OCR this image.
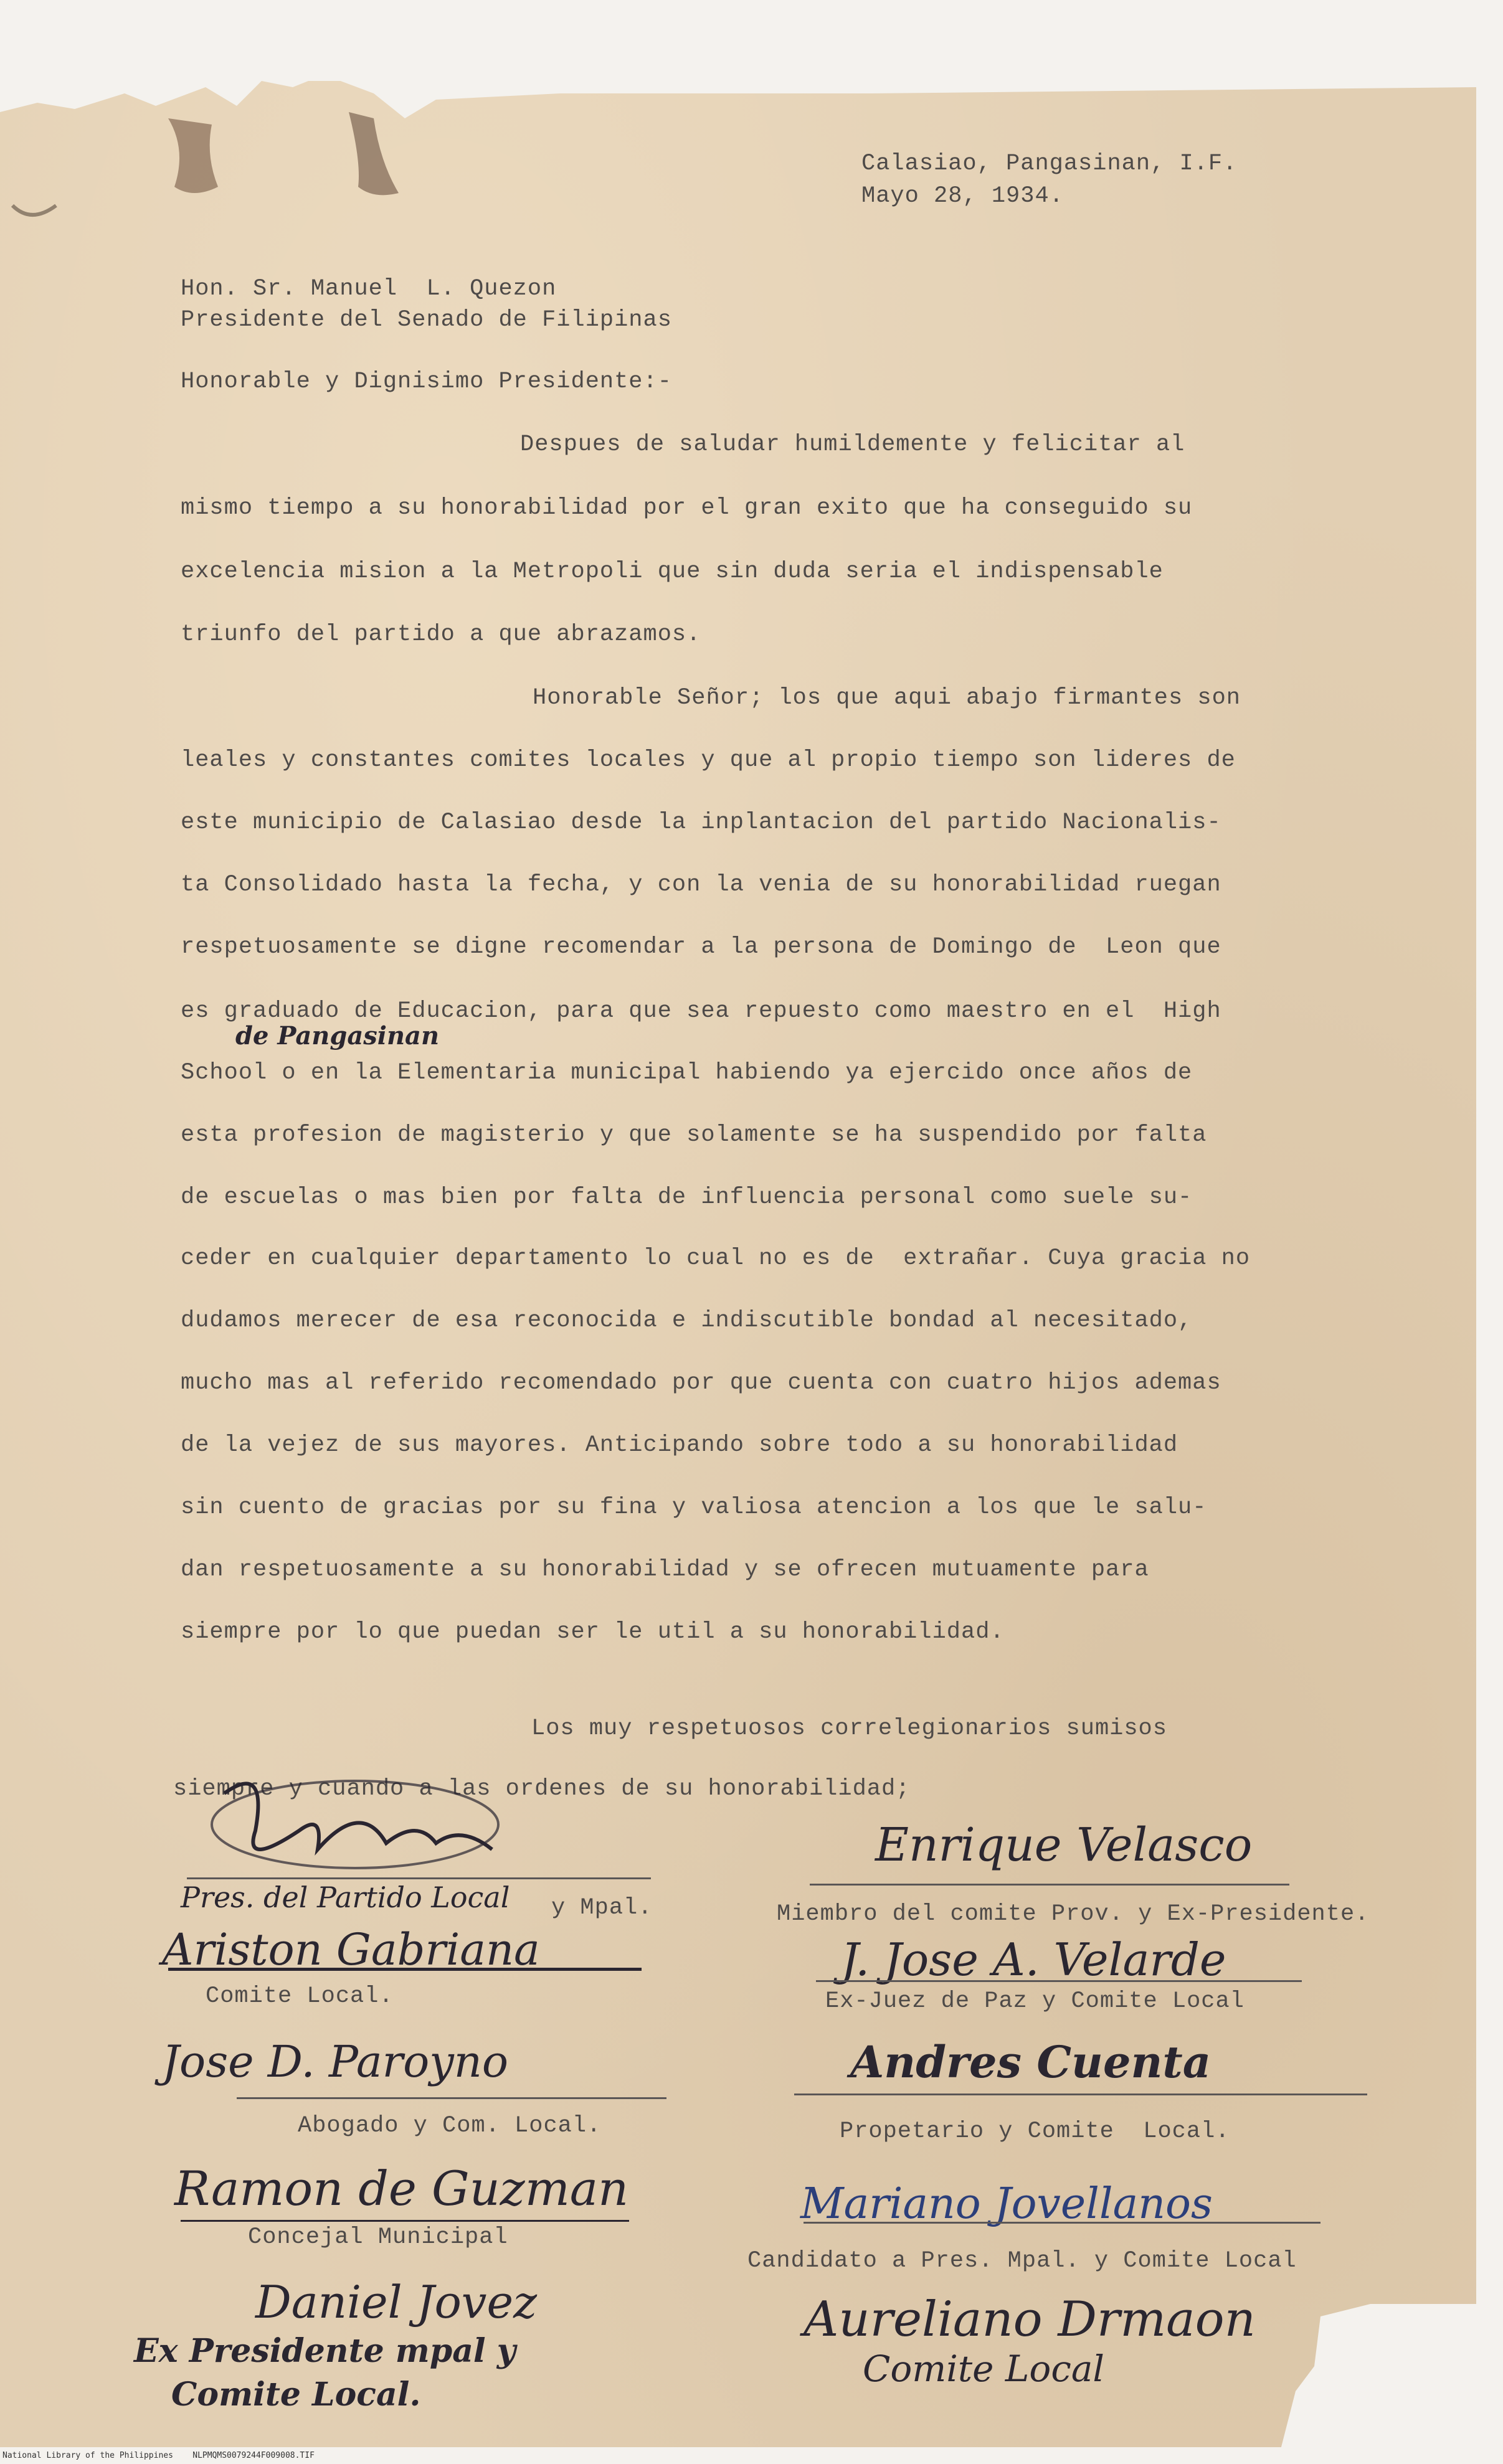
Calasiao, Pangasinan, I.F.
Mayo 28, 1934.
Hon. Sr. Manuel  L. Quezon
Presidente del Senado de Filipinas
Honorable y Dignisimo Presidente:-
Despues de saludar humildemente y felicitar al
mismo tiempo a su honorabilidad por el gran exito que ha conseguido su
excelencia mision a la Metropoli que sin duda seria el indispensable
triunfo del partido a que abrazamos.
Honorable Señor; los que aqui abajo firmantes son
leales y constantes comites locales y que al propio tiempo son lideres de
este municipio de Calasiao desde la inplantacion del partido Nacionalis-
ta Consolidado hasta la fecha, y con la venia de su honorabilidad ruegan
respetuosamente se digne recomendar a la persona de Domingo de  Leon que
es graduado de Educacion, para que sea repuesto como maestro en el  High
de Pangasinan
School o en la Elementaria municipal habiendo ya ejercido once años de
esta profesion de magisterio y que solamente se ha suspendido por falta
de escuelas o mas bien por falta de influencia personal como suele su-
ceder en cualquier departamento lo cual no es de  extrañar. Cuya gracia no
dudamos merecer de esa reconocida e indiscutible bondad al necesitado,
mucho mas al referido recomendado por que cuenta con cuatro hijos ademas
de la vejez de sus mayores. Anticipando sobre todo a su honorabilidad
sin cuento de gracias por su fina y valiosa atencion a los que le salu-
dan respetuosamente a su honorabilidad y se ofrecen mutuamente para
siempre por lo que puedan ser le util a su honorabilidad.
Los muy respetuosos correlegionarios sumisos
siempre y cuando a las ordenes de su honorabilidad;
Pres. del Partido Local y Mpal.
Ariston Gabriana
Comite Local.
Jose D. Paroyno
Abogado y Com. Local.
Ramon de Guzman
Concejal Municipal
Daniel Jovez
Ex Presidente mpal y
Comite Local.
Enrique Velasco
Miembro del comite Prov. y Ex-Presidente.
J. Jose A. Velarde
Ex-Juez de Paz y Comite Local
Andres Cuenta
Propetario y Comite  Local.
Mariano Jovellanos
Candidato a Pres. Mpal. y Comite Local
Aureliano Drmaon
Comite Local
National Library of the Philippines    NLPMQMS0079244F009008.TIF
